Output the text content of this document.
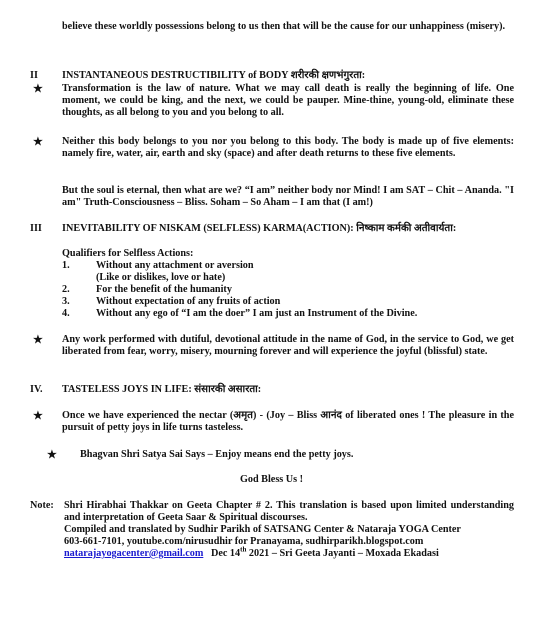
believe these worldly possessions belong to us then that will be the cause for our unhappiness (misery).
II INSTANTANEOUS DESTRUCTIBILITY of BODY शरीरकी क्षणभंगुरता:
★ Transformation is the law of nature. What we may call death is really the beginning of life. One moment, we could be king, and the next, we could be pauper. Mine-thine, young-old, eliminate these thoughts, as all belong to you and you belong to all.
★ Neither this body belongs to you nor you belong to this body. The body is made up of five elements: namely fire, water, air, earth and sky (space) and after death returns to these five elements.
But the soul is eternal, then what are we? “I am” neither body nor Mind! I am SAT – Chit – Ananda. "I am" Truth-Consciousness – Bliss. Soham – So Aham – I am that (I am!)
III INEVITABILITY OF NISKAM (SELFLESS) KARMA(ACTION): निष्काम कर्मकी अतीवार्यता:
Qualifiers for Selfless Actions:
1.	Without any attachment or aversion
(Like or dislikes, love or hate)
2.	For the benefit of the humanity
3.	Without expectation of any fruits of action
4.	Without any ego of “I am the doer” I am just an Instrument of the Divine.
★ Any work performed with dutiful, devotional attitude in the name of God, in the service to God, we get liberated from fear, worry, misery, mourning forever and will experience the joyful (blissful) state.
IV. TASTELESS JOYS IN LIFE: संसारकी असारता:
★ Once we have experienced the nectar (अमृत) - (Joy – Bliss आनंद of liberated ones ! The pleasure in the pursuit of petty joys in life turns tasteless.
★ Bhagvan Shri Satya Sai Says – Enjoy means end the petty joys.
God Bless Us !
Note: Shri Hirabhai Thakkar on Geeta Chapter # 2. This translation is based upon limited understanding and interpretation of Geeta Saar & Spiritual discourses.
Compiled and translated by Sudhir Parikh of SATSANG Center & Nataraja YOGA Center
603-661-7101, youtube.com/nirusudhir for Pranayama, sudhirparikh.blogspot.com
natarajayogacenter@gmail.com Dec 14th 2021 – Sri Geeta Jayanti – Moxada Ekadasi
